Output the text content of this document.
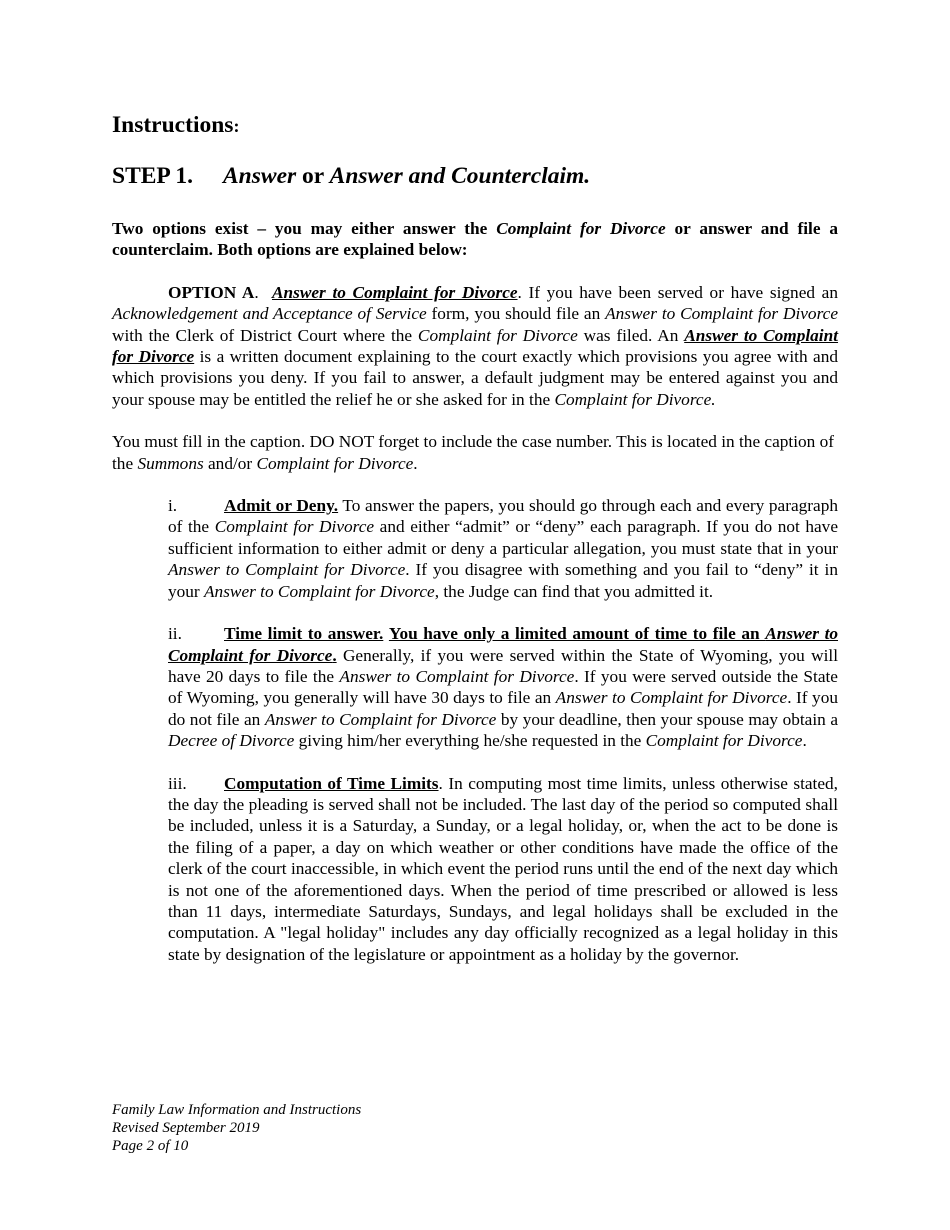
Instructions:
STEP 1. Answer or Answer and Counterclaim.

Two options exist – you may either answer the Complaint for Divorce or answer and file a counterclaim. Both options are explained below:

OPTION A.  Answer to Complaint for Divorce. If you have been served or have signed an Acknowledgement and Acceptance of Service form, you should file an Answer to Complaint for Divorce with the Clerk of District Court where the Complaint for Divorce was filed. An Answer to Complaint for Divorce is a written document explaining to the court exactly which provisions you agree with and which provisions you deny. If you fail to answer, a default judgment may be entered against you and your spouse may be entitled the relief he or she asked for in the Complaint for Divorce.

You must fill in the caption. DO NOT forget to include the case number. This is located in the caption of the Summons and/or Complaint for Divorce.

i.	Admit or Deny. To answer the papers, you should go through each and every paragraph of the Complaint for Divorce and either “admit” or “deny” each paragraph. If you do not have sufficient information to either admit or deny a particular allegation, you must state that in your Answer to Complaint for Divorce. If you disagree with something and you fail to “deny” it in your Answer to Complaint for Divorce, the Judge can find that you admitted it.

ii. Time limit to answer. You have only a limited amount of time to file an Answer to Complaint for Divorce. Generally, if you were served within the State of Wyoming, you will have 20 days to file the Answer to Complaint for Divorce. If you were served outside the State of Wyoming, you generally will have 30 days to file an Answer to Complaint for Divorce. If you do not file an Answer to Complaint for Divorce by your deadline, then your spouse may obtain a Decree of Divorce giving him/her everything he/she requested in the Complaint for Divorce.

iii. Computation of Time Limits. In computing most time limits, unless otherwise stated, the day the pleading is served shall not be included. The last day of the period so computed shall be included, unless it is a Saturday, a Sunday, or a legal holiday, or, when the act to be done is the filing of a paper, a day on which weather or other conditions have made the office of the clerk of the court inaccessible, in which event the period runs until the end of the next day which is not one of the aforementioned days. When the period of time prescribed or allowed is less than 11 days, intermediate Saturdays, Sundays, and legal holidays shall be excluded in the computation. A "legal holiday" includes any day officially recognized as a legal holiday in this state by designation of the legislature or appointment as a holiday by the governor.

Family Law Information and Instructions
Revised September 2019
Page 2 of 10
